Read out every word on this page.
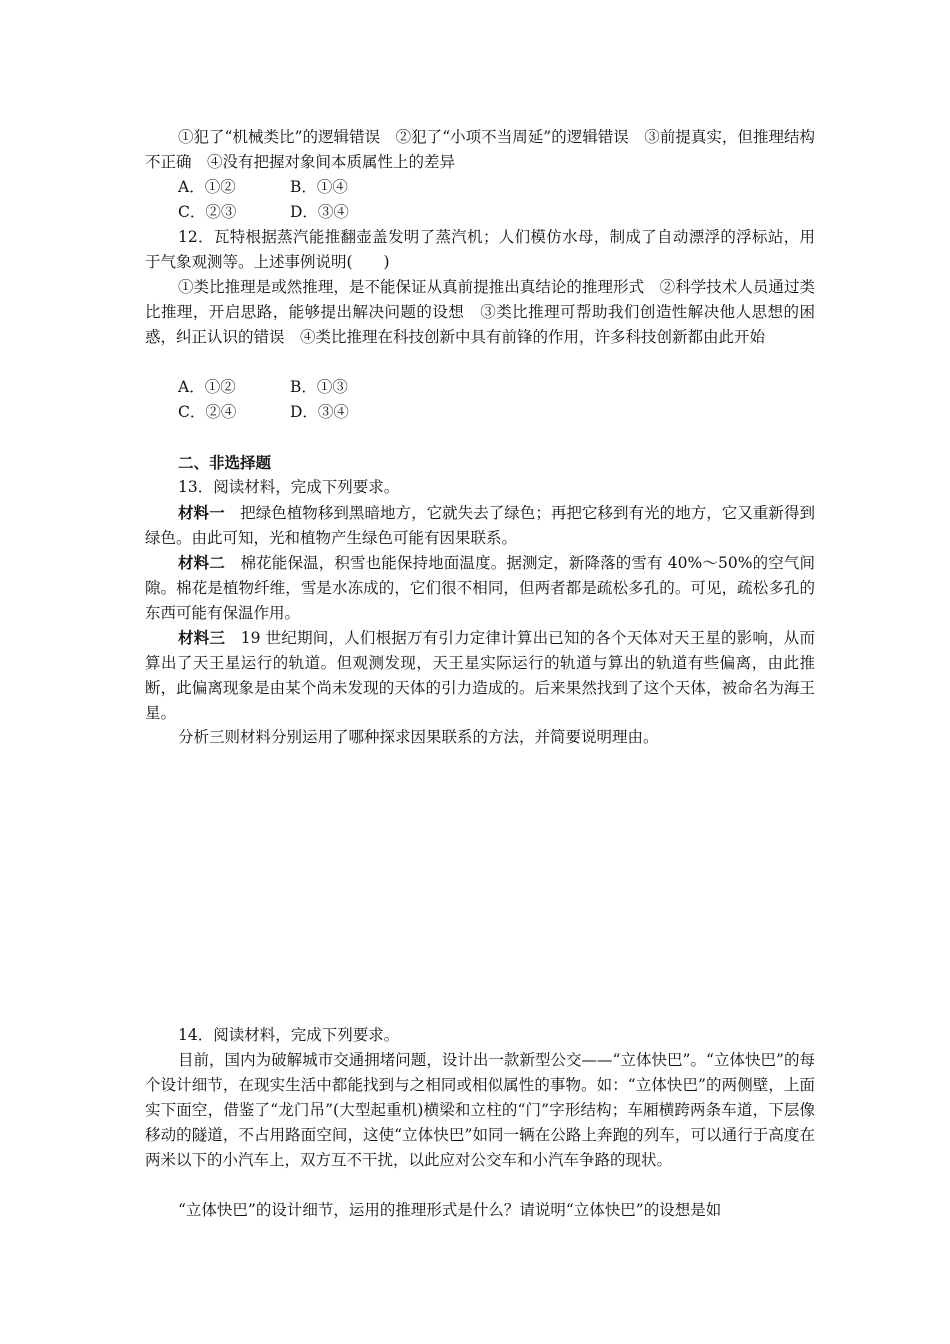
①犯了“机械类比”的逻辑错误　②犯了“小项不当周延”的逻辑错误　③前提真实，但推理结构不正确　④没有把握对象间本质属性上的差异

A．①②	B．①④
C．②③	D．③④

12．瓦特根据蒸汽能推翻壶盖发明了蒸汽机；人们模仿水母，制成了自动漂浮的浮标站，用于气象观测等。上述事例说明(　　)

①类比推理是或然推理，是不能保证从真前提推出真结论的推理形式　②科学技术人员通过类比推理，开启思路，能够提出解决问题的设想　③类比推理可帮助我们创造性解决他人思想的困惑，纠正认识的错误　④类比推理在科技创新中具有前锋的作用，许多科技创新都由此开始

A．①②	B．①③
C．②④	D．③④
二、非选择题

13．阅读材料，完成下列要求。

材料一　把绿色植物移到黑暗地方，它就失去了绿色；再把它移到有光的地方，它又重新得到绿色。由此可知，光和植物产生绿色可能有因果联系。

材料二　棉花能保温，积雪也能保持地面温度。据测定，新降落的雪有 40%～50%的空气间隙。棉花是植物纤维，雪是水冻成的，它们很不相同，但两者都是疏松多孔的。可见，疏松多孔的东西可能有保温作用。

材料三　19 世纪期间，人们根据万有引力定律计算出已知的各个天体对天王星的影响，从而算出了天王星运行的轨道。但观测发现，天王星实际运行的轨道与算出的轨道有些偏离，由此推断，此偏离现象是由某个尚未发现的天体的引力造成的。后来果然找到了这个天体，被命名为海王星。

分析三则材料分别运用了哪种探求因果联系的方法，并简要说明理由。

14．阅读材料，完成下列要求。

目前，国内为破解城市交通拥堵问题，设计出一款新型公交——“立体快巴”。“立体快巴”的每个设计细节，在现实生活中都能找到与之相同或相似属性的事物。如：“立体快巴”的两侧壁，上面实下面空，借鉴了“龙门吊”(大型起重机)横梁和立柱的“门”字形结构；车厢横跨两条车道，下层像移动的隧道，不占用路面空间，这使“立体快巴”如同一辆在公路上奔跑的列车，可以通行于高度在两米以下的小汽车上，双方互不干扰，以此应对公交车和小汽车争路的现状。

“立体快巴”的设计细节，运用的推理形式是什么？请说明“立体快巴”的设想是如
